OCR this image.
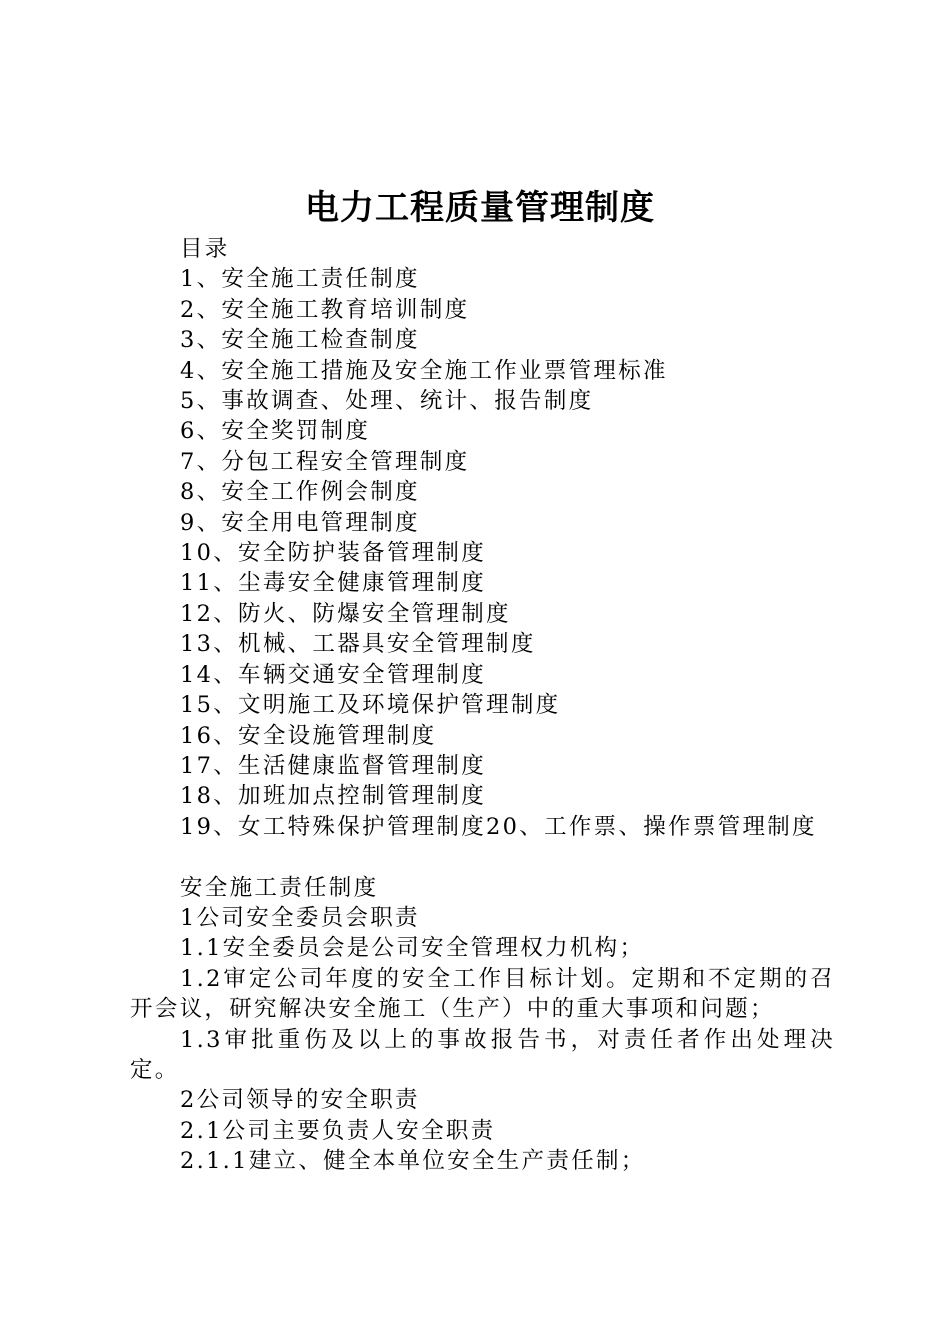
电力工程质量管理制度

目录

1、安全施工责任制度

2、安全施工教育培训制度

3、安全施工检查制度

4、安全施工措施及安全施工作业票管理标准

5、事故调查、处理、统计、报告制度

6、安全奖罚制度

7、分包工程安全管理制度

8、安全工作例会制度

9、安全用电管理制度

10、安全防护装备管理制度

11、尘毒安全健康管理制度

12、防火、防爆安全管理制度

13、机械、工器具安全管理制度

14、车辆交通安全管理制度

15、文明施工及环境保护管理制度

16、安全设施管理制度

17、生活健康监督管理制度

18、加班加点控制管理制度

19、女工特殊保护管理制度20、工作票、操作票管理制度

安全施工责任制度

1公司安全委员会职责

1.1安全委员会是公司安全管理权力机构；

1.2审定公司年度的安全工作目标计划。定期和不定期的召开会议，研究解决安全施工（生产）中的重大事项和问题；

1.3审批重伤及以上的事故报告书，对责任者作出处理决定。

2公司领导的安全职责

2.1公司主要负责人安全职责

2.1.1建立、健全本单位安全生产责任制；
